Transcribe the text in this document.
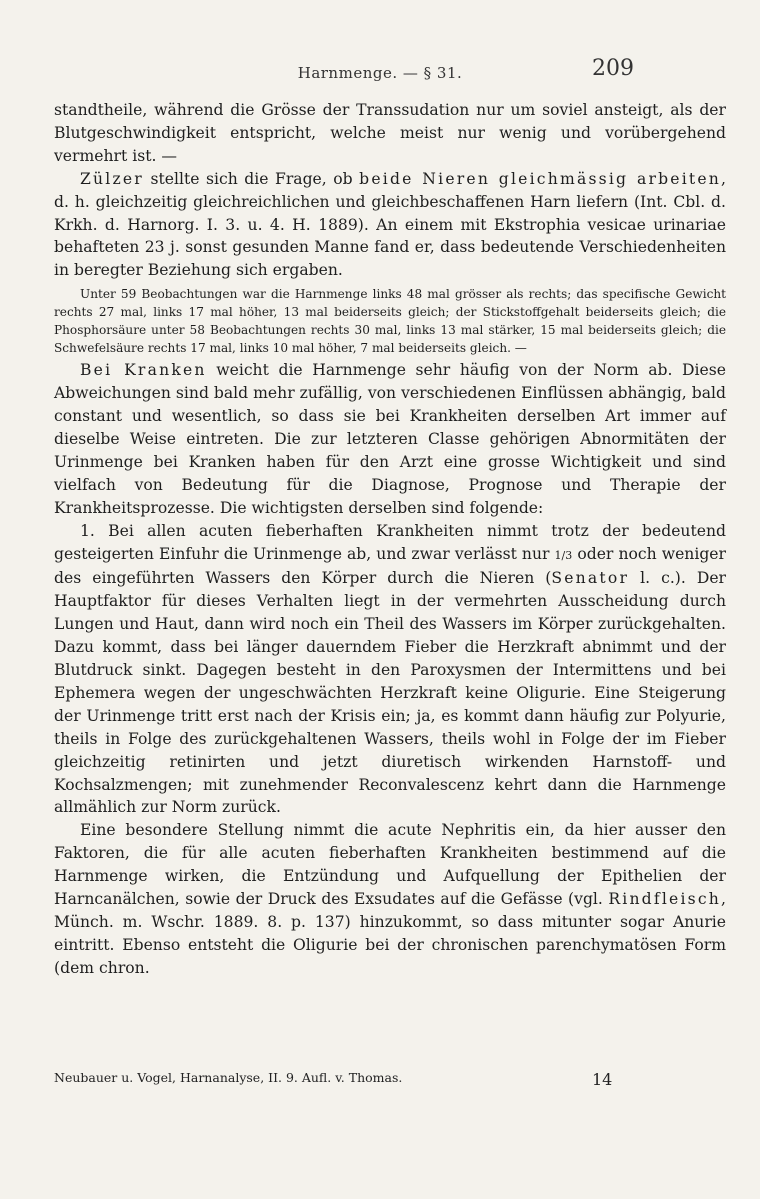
Harnmenge. — § 31.	209

standtheile, während die Grösse der Transsudation nur um soviel ansteigt, als der Blutgeschwindigkeit entspricht, welche meist nur wenig und vorübergehend vermehrt ist. —

Zülzer stellte sich die Frage, ob beide Nieren gleichmässig arbeiten, d. h. gleichzeitig gleichreichlichen und gleichbeschaffenen Harn liefern (Int. Cbl. d. Krkh. d. Harnorg. I. 3. u. 4. H. 1889). An einem mit Ekstrophia vesicae urinariae behafteten 23 j. sonst gesunden Manne fand er, dass bedeutende Verschiedenheiten in beregter Beziehung sich ergaben.

Unter 59 Beobachtungen war die Harnmenge links 48 mal grösser als rechts; das specifische Gewicht rechts 27 mal, links 17 mal höher, 13 mal beiderseits gleich; der Stickstoffgehalt beiderseits gleich; die Phosphorsäure unter 58 Beobachtungen rechts 30 mal, links 13 mal stärker, 15 mal beiderseits gleich; die Schwefelsäure rechts 17 mal, links 10 mal höher, 7 mal beiderseits gleich. —

Bei Kranken weicht die Harnmenge sehr häufig von der Norm ab. Diese Abweichungen sind bald mehr zufällig, von verschiedenen Einflüssen abhängig, bald constant und wesentlich, so dass sie bei Krankheiten derselben Art immer auf dieselbe Weise eintreten. Die zur letzteren Classe gehörigen Abnormitäten der Urinmenge bei Kranken haben für den Arzt eine grosse Wichtigkeit und sind vielfach von Bedeutung für die Diagnose, Prognose und Therapie der Krankheitsprozesse. Die wichtigsten derselben sind folgende:

1. Bei allen acuten fieberhaften Krankheiten nimmt trotz der bedeutend gesteigerten Einfuhr die Urinmenge ab, und zwar verlässt nur 1/3 oder noch weniger des eingeführten Wassers den Körper durch die Nieren (Senator l. c.). Der Hauptfaktor für dieses Verhalten liegt in der vermehrten Ausscheidung durch Lungen und Haut, dann wird noch ein Theil des Wassers im Körper zurückgehalten. Dazu kommt, dass bei länger dauerndem Fieber die Herzkraft abnimmt und der Blutdruck sinkt. Dagegen besteht in den Paroxysmen der Intermittens und bei Ephemera wegen der ungeschwächten Herzkraft keine Oligurie. Eine Steigerung der Urinmenge tritt erst nach der Krisis ein; ja, es kommt dann häufig zur Polyurie, theils in Folge des zurückgehaltenen Wassers, theils wohl in Folge der im Fieber gleichzeitig retinirten und jetzt diuretisch wirkenden Harnstoff- und Kochsalzmengen; mit zunehmender Reconvalescenz kehrt dann die Harnmenge allmählich zur Norm zurück.

Eine besondere Stellung nimmt die acute Nephritis ein, da hier ausser den Faktoren, die für alle acuten fieberhaften Krankheiten bestimmend auf die Harnmenge wirken, die Entzündung und Aufquellung der Epithelien der Harncanälchen, sowie der Druck des Exsudates auf die Gefässe (vgl. Rindfleisch, Münch. m. Wschr. 1889. 8. p. 137) hinzukommt, so dass mitunter sogar Anurie eintritt. Ebenso entsteht die Oligurie bei der chronischen parenchymatösen Form (dem chron.

Neubauer u. Vogel, Harnanalyse, II. 9. Aufl. v. Thomas.	14
